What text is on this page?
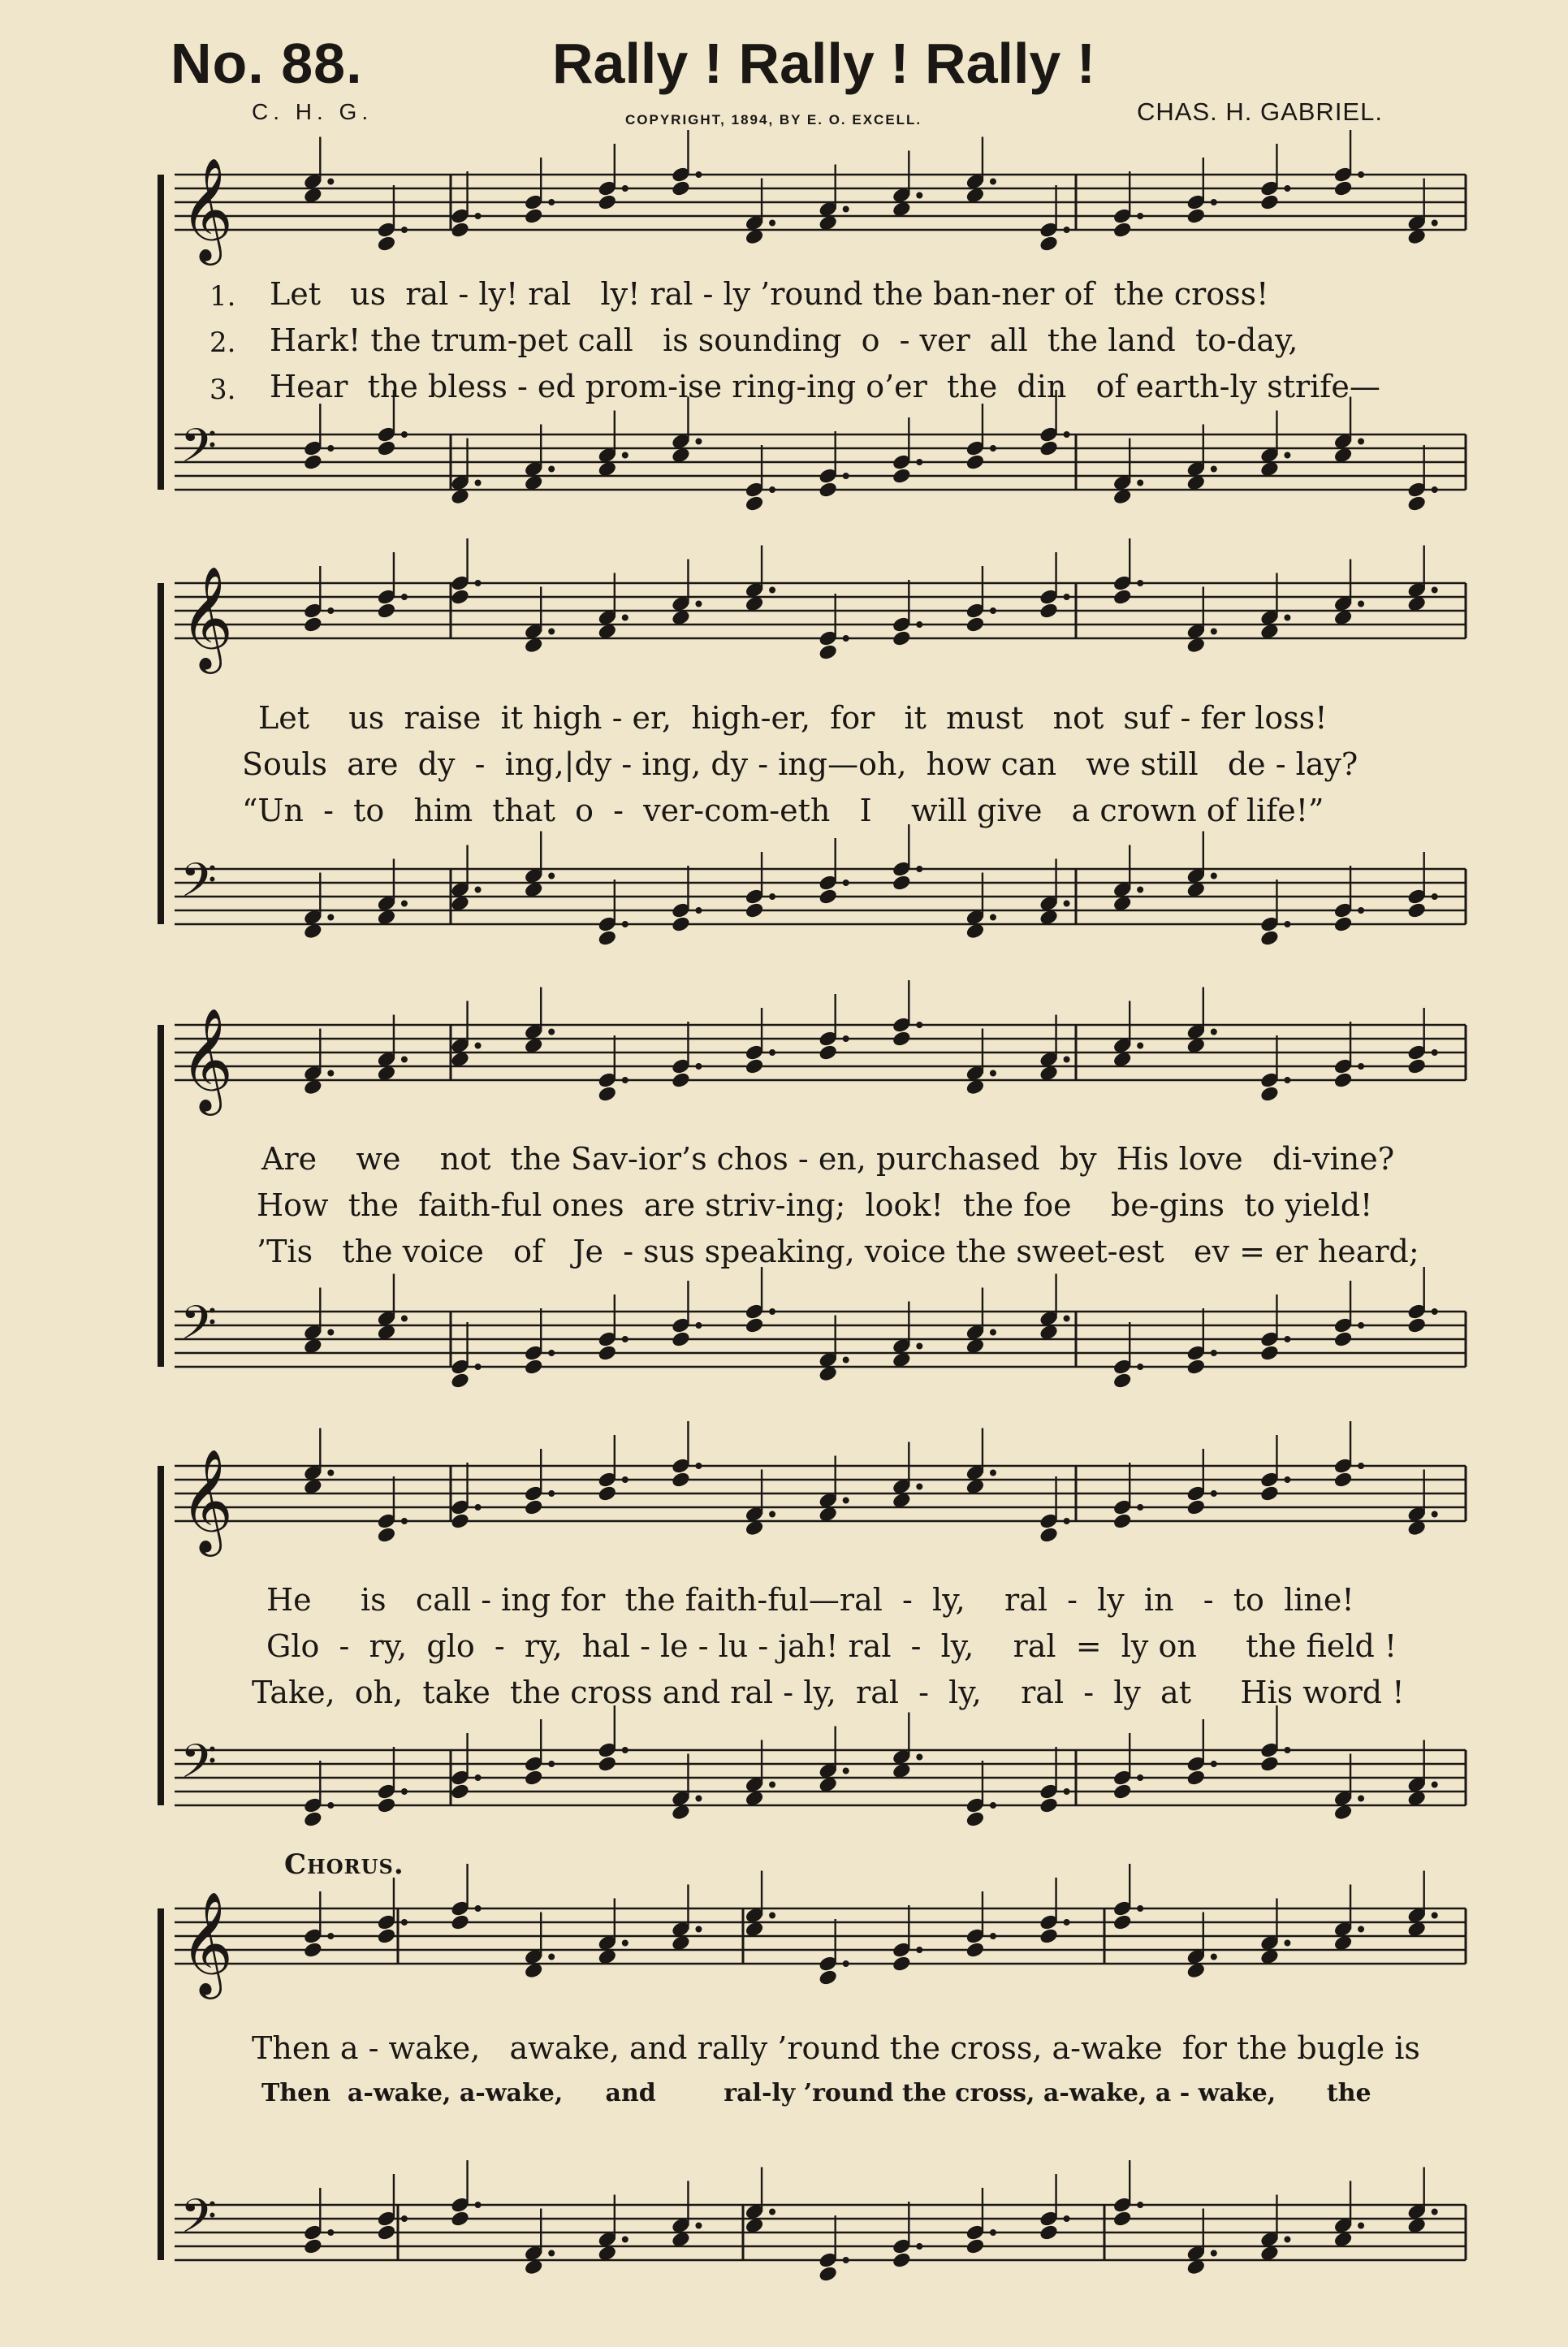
No. 88.	Rally ! Rally ! Rally !
C. H. G.	COPYRIGHT, 1894, BY E. O. EXCELL.	CHAS. H. GABRIEL.
𝄞
𝄢
𝄞
𝄢
𝄞
𝄢
𝄞
𝄢
𝄞
𝄢
1.
2.
3.
Let   us  ral - ly! ral   ly! ral - ly ’round the ban-ner of  the cross!
Hark! the trum-pet call   is sounding  o  - ver  all  the land  to-day,
Hear  the bless - ed prom-ise ring-ing o’er  the  din   of earth-ly strife—
Let    us  raise  it high - er,  high-er,  for   it  must   not  suf - fer loss!
Souls  are  dy  -  ing,|dy - ing, dy - ing—oh,  how can   we still   de - lay?
“Un  -  to   him  that  o  -  ver-com-eth   I    will give   a crown of life!”
Are    we    not  the Sav-ior’s chos - en, purchased  by  His love   di-vine?
How  the  faith-ful ones  are striv-ing;  look!  the foe    be-gins  to yield!
’Tis   the voice   of   Je  - sus speaking, voice the sweet-est   ev = er heard;
He     is   call - ing for  the faith-ful—ral  -  ly,    ral  -  ly  in   -  to  line!
Glo  -  ry,  glo  -  ry,  hal - le - lu - jah! ral  -  ly,    ral  =  ly on     the field !
Take,  oh,  take  the cross and ral - ly,  ral  -  ly,    ral  -  ly  at     His word !
Chorus.
Then a - wake,   awake, and rally ’round the cross, a-wake  for the bugle is
Then  a-wake, a-wake,     and        ral-ly ’round the cross, a-wake, a - wake,      the
